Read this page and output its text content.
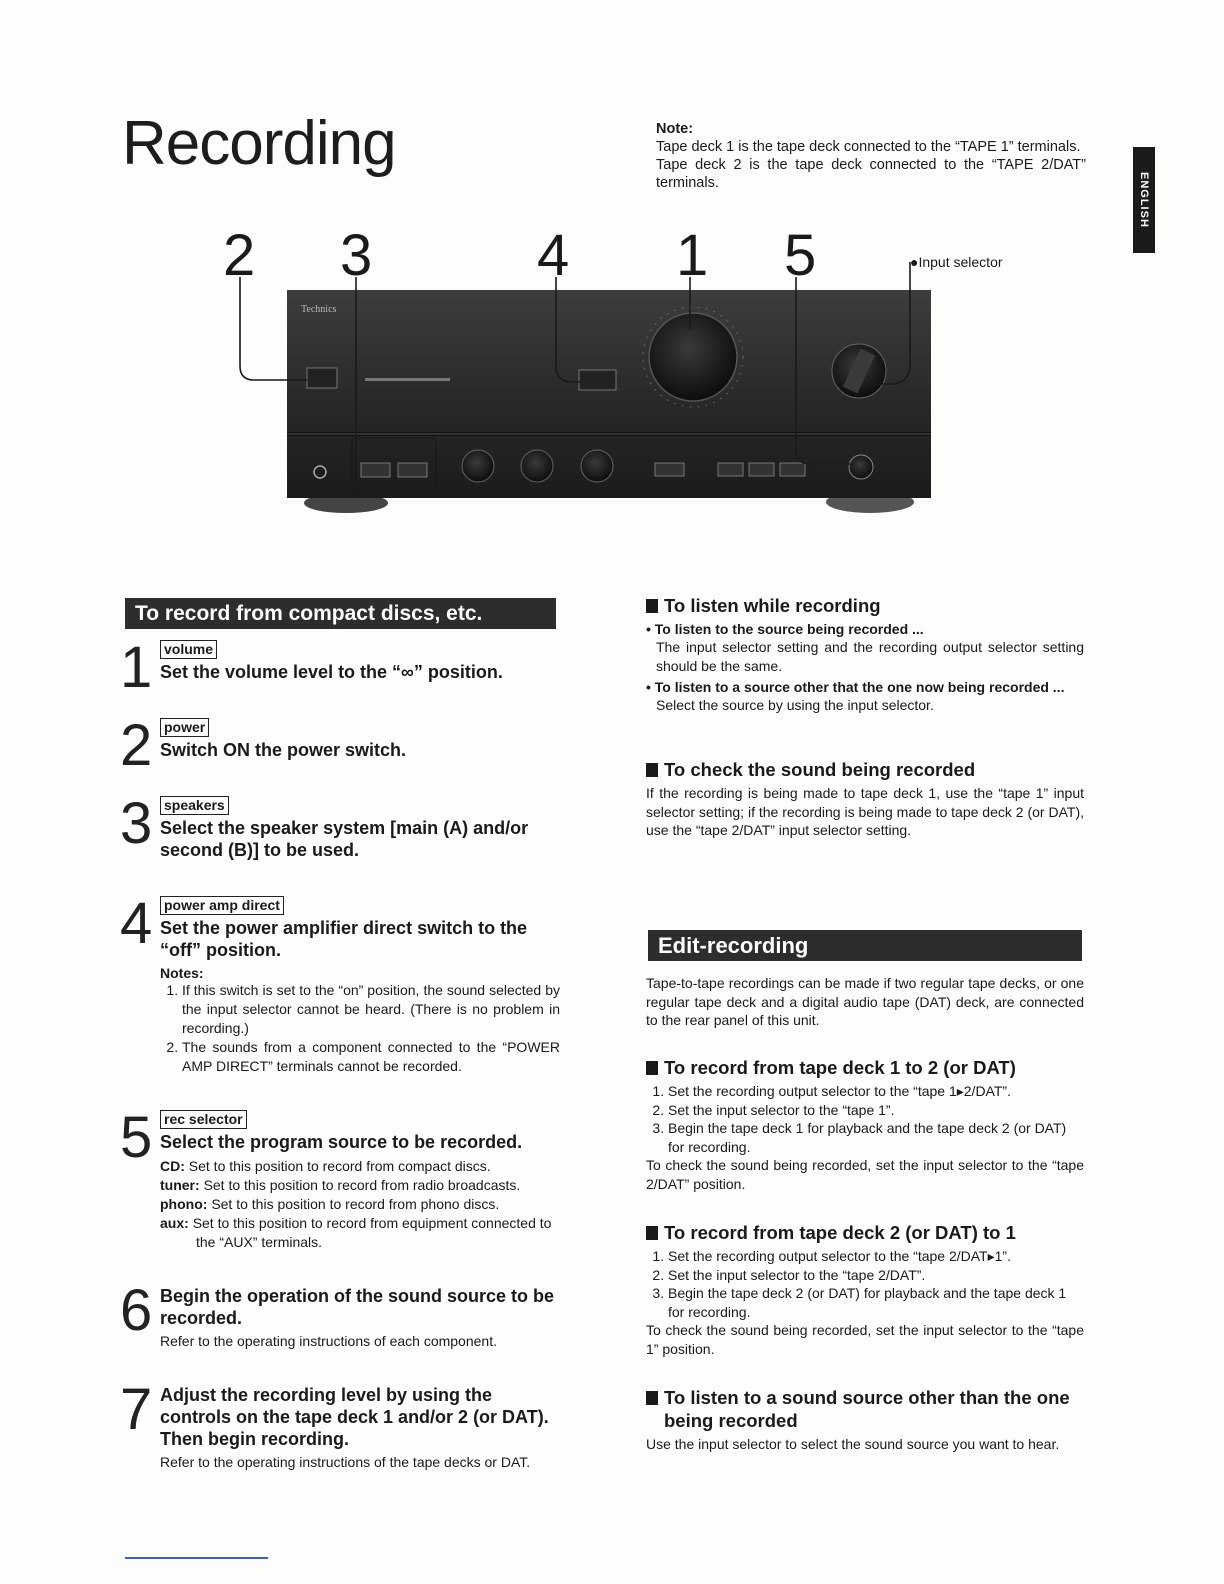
Recording	Note:

Tape deck 1 is the tape deck connected to the “TAPE 1” terminals.

Tape deck 2 is the tape deck connected to the “TAPE 2/DAT” terminals.	ENGLISH
2 3	4 1 5	●Input selector
Technics
To record from compact discs, etc.
1 volume

Set the volume level to the “∞” position.

2 power

Switch ON the power switch.

3 speakers

Select the speaker system [main (A) and/or second (B)] to be used.

4 power amp direct

Set the power amplifier direct switch to the “off” position.

Notes:

1. If this switch is set to the “on” position, the sound selected by the input selector cannot be heard. (There is no problem in recording.)
2. The sounds from a component connected to the “POWER AMP DIRECT” terminals cannot be recorded.
5 rec selector

Select the program source to be recorded.

CD: Set to this position to record from compact discs.
tuner: Set to this position to record from radio broadcasts.
phono: Set to this position to record from phono discs.
aux: Set to this position to record from equipment connected to the “AUX” terminals.
6 Begin the operation of the sound source to be recorded.

Refer to the operating instructions of each component.

7 Adjust the recording level by using the controls on the tape deck 1 and/or 2 (or DAT). Then begin recording.

Refer to the operating instructions of the tape decks or DAT.

To listen while recording

• To listen to the source being recorded ...

The input selector setting and the recording output selector setting should be the same.

• To listen to a source other that the one now being recorded ...

Select the source by using the input selector.

To check the sound being recorded

If the recording is being made to tape deck 1, use the “tape 1” input selector setting; if the recording is being made to tape deck 2 (or DAT), use the “tape 2/DAT” input selector setting.

Edit-recording

Tape-to-tape recordings can be made if two regular tape decks, or one regular tape deck and a digital audio tape (DAT) deck, are connected to the rear panel of this unit.

To record from tape deck 1 to 2 (or DAT)
1. Set the recording output selector to the “tape 1▸2/DAT”.
2. Set the input selector to the “tape 1”.
3. Begin the tape deck 1 for playback and the tape deck 2 (or DAT) for recording.

To check the sound being recorded, set the input selector to the “tape 2/DAT” position.

To record from tape deck 2 (or DAT) to 1
1. Set the recording output selector to the “tape 2/DAT▸1”.
2. Set the input selector to the “tape 2/DAT”.
3. Begin the tape deck 2 (or DAT) for playback and the tape deck 1 for recording.

To check the sound being recorded, set the input selector to the “tape 1” position.

To listen to a sound source other than the one being recorded

Use the input selector to select the sound source you want to hear.
